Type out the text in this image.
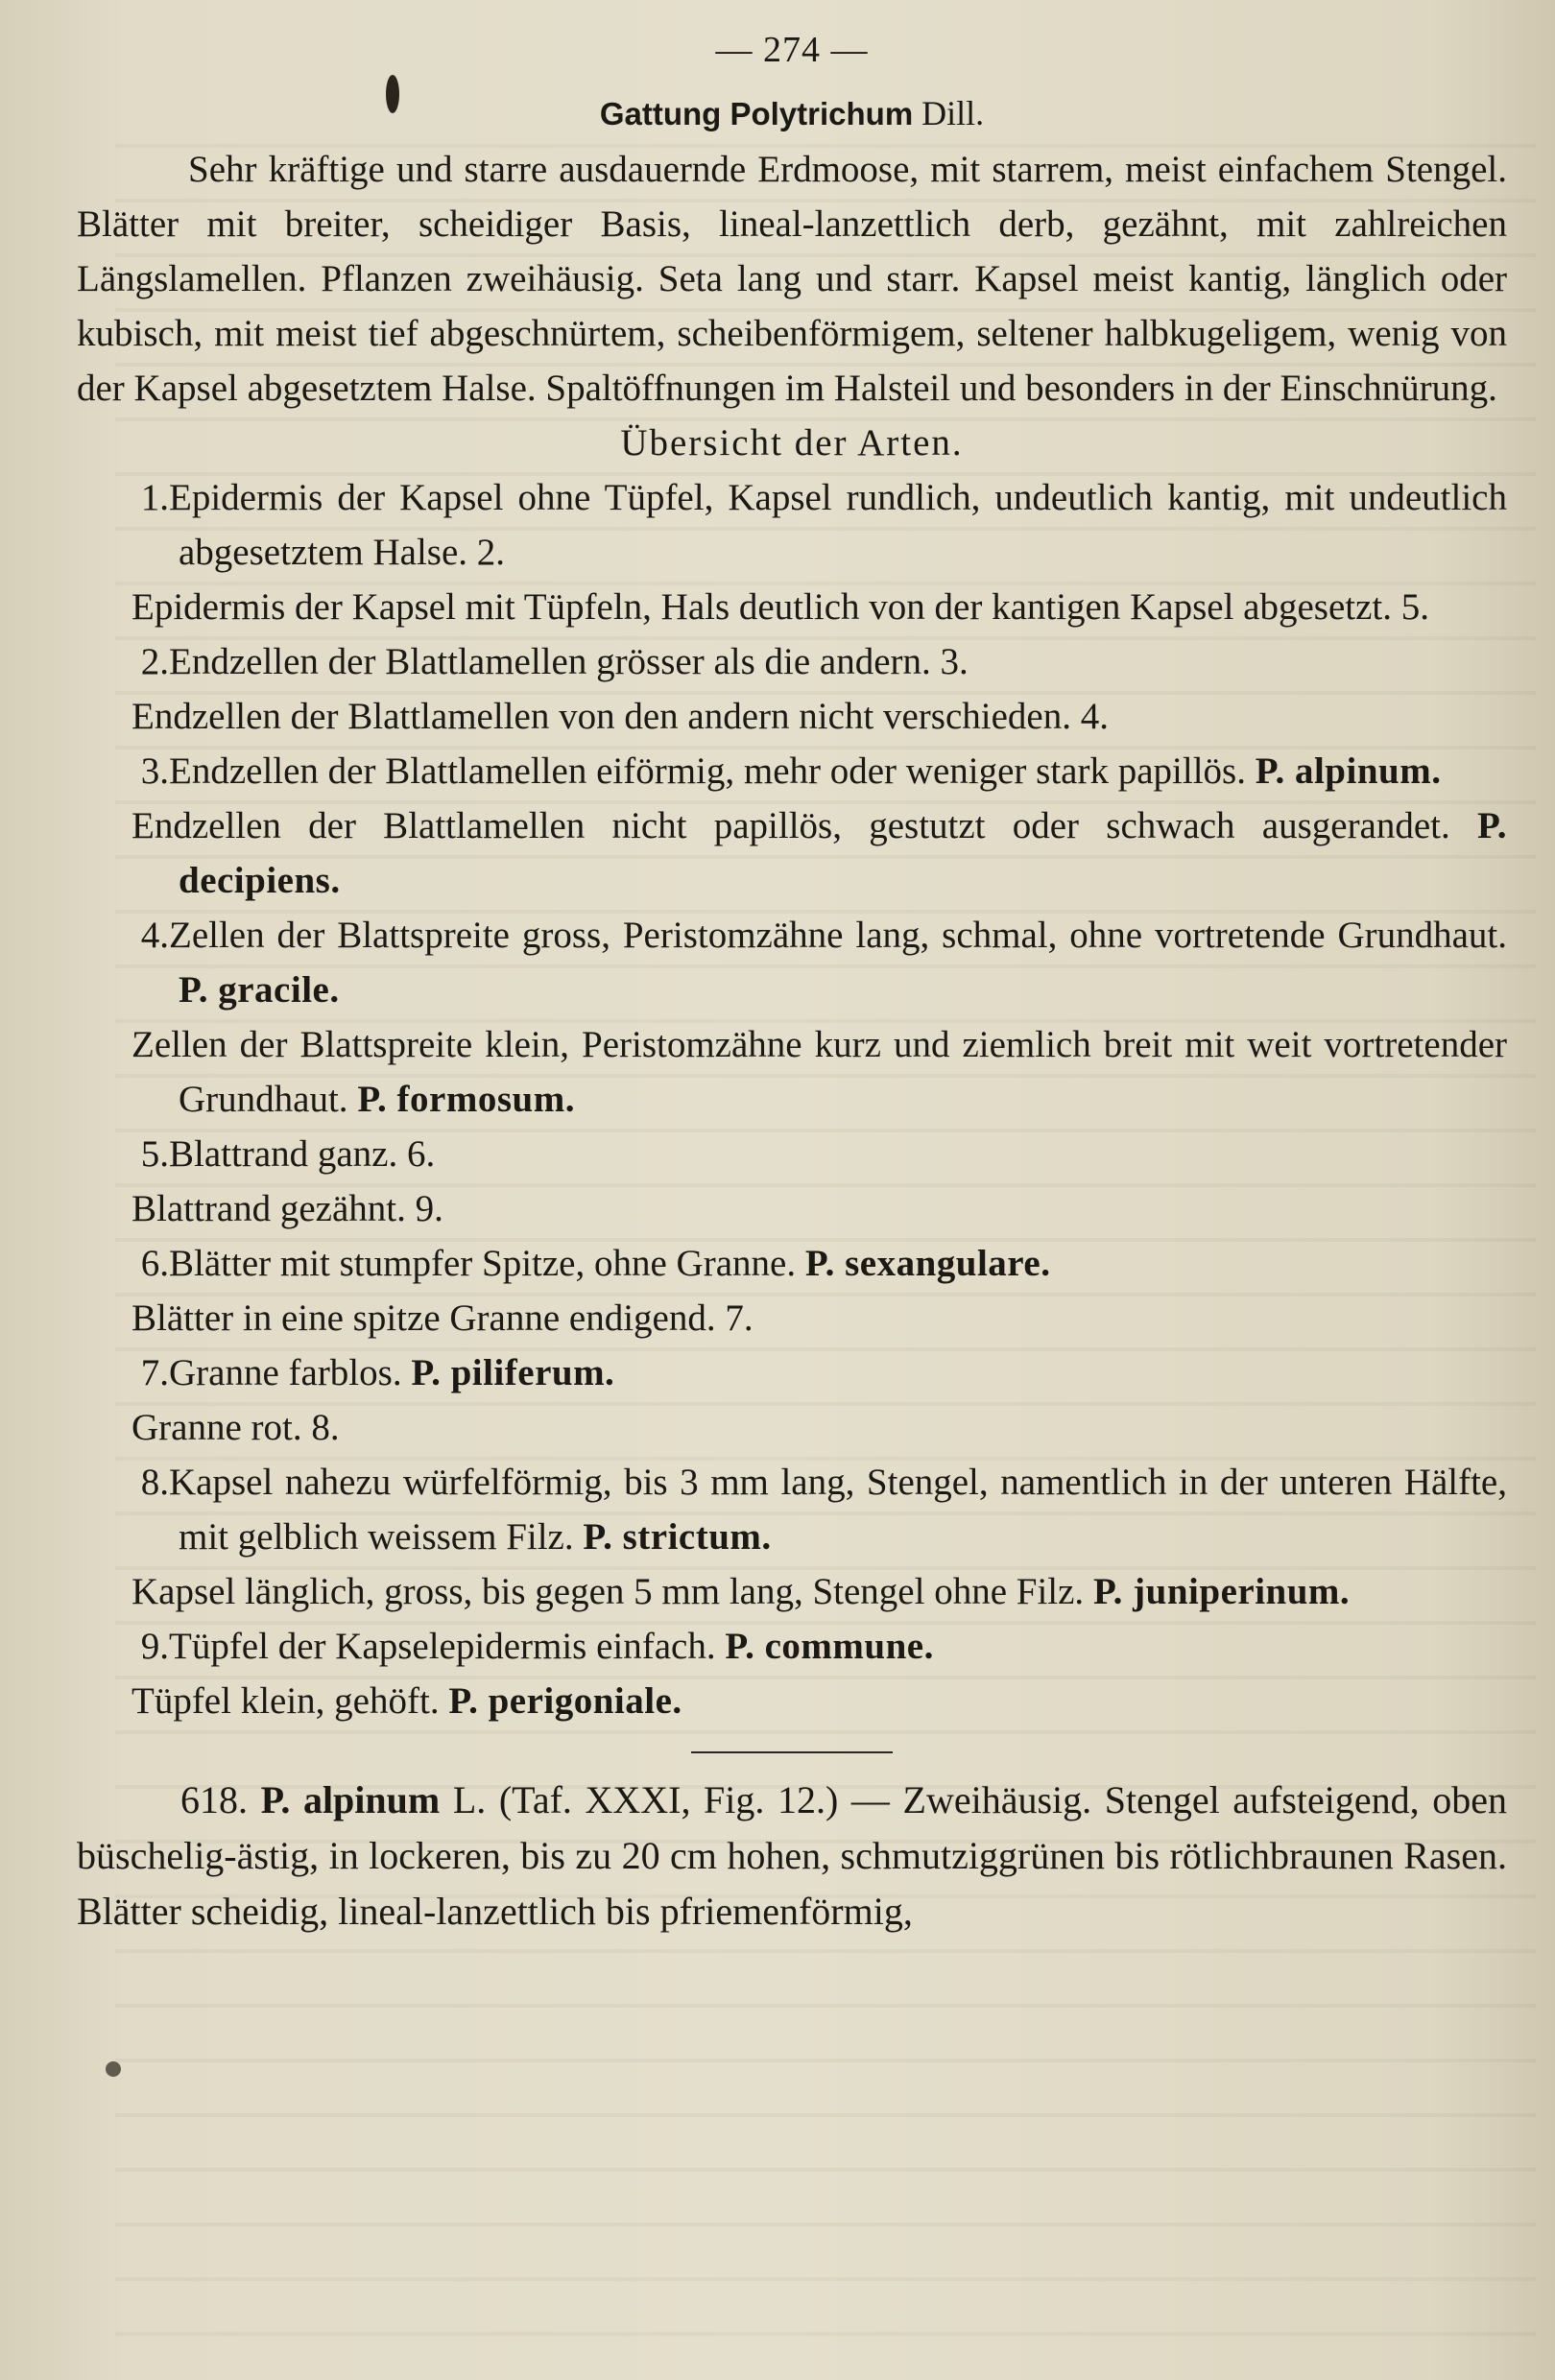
— 274 —
Gattung Polytrichum Dill.

Sehr kräftige und starre ausdauernde Erdmoose, mit starrem, meist einfachem Stengel. Blätter mit breiter, scheidiger Basis, lineal-lanzettlich derb, gezähnt, mit zahlreichen Längslamellen. Pflanzen zweihäusig. Seta lang und starr. Kapsel meist kantig, länglich oder kubisch, mit meist tief abgeschnürtem, scheibenförmigem, seltener halbkugeligem, wenig von der Kapsel abgesetztem Halse. Spaltöffnungen im Halsteil und besonders in der Einschnürung.

Übersicht der Arten.

1. Epidermis der Kapsel ohne Tüpfel, Kapsel rundlich, undeutlich kantig, mit undeutlich abgesetztem Halse. 2.

Epidermis der Kapsel mit Tüpfeln, Hals deutlich von der kantigen Kapsel abgesetzt. 5.

2. Endzellen der Blattlamellen grösser als die andern. 3.

Endzellen der Blattlamellen von den andern nicht verschieden. 4.

3. Endzellen der Blattlamellen eiförmig, mehr oder weniger stark papillös. P. alpinum.

Endzellen der Blattlamellen nicht papillös, gestutzt oder schwach ausgerandet. P. decipiens.

4. Zellen der Blattspreite gross, Peristomzähne lang, schmal, ohne vortretende Grundhaut. P. gracile.

Zellen der Blattspreite klein, Peristomzähne kurz und ziemlich breit mit weit vortretender Grundhaut. P. formosum.

5. Blattrand ganz. 6.

Blattrand gezähnt. 9.

6. Blätter mit stumpfer Spitze, ohne Granne. P. sexangulare.

Blätter in eine spitze Granne endigend. 7.

7. Granne farblos. P. piliferum.

Granne rot. 8.

8. Kapsel nahezu würfelförmig, bis 3 mm lang, Stengel, namentlich in der unteren Hälfte, mit gelblich weissem Filz. P. strictum.

Kapsel länglich, gross, bis gegen 5 mm lang, Stengel ohne Filz. P. juniperinum.

9. Tüpfel der Kapselepidermis einfach. P. commune.

Tüpfel klein, gehöft. P. perigoniale.

618. P. alpinum L. (Taf. XXXI, Fig. 12.) — Zweihäusig. Stengel aufsteigend, oben büschelig-ästig, in lockeren, bis zu 20 cm hohen, schmutziggrünen bis rötlichbraunen Rasen. Blätter scheidig, lineal-lanzettlich bis pfriemenförmig,
